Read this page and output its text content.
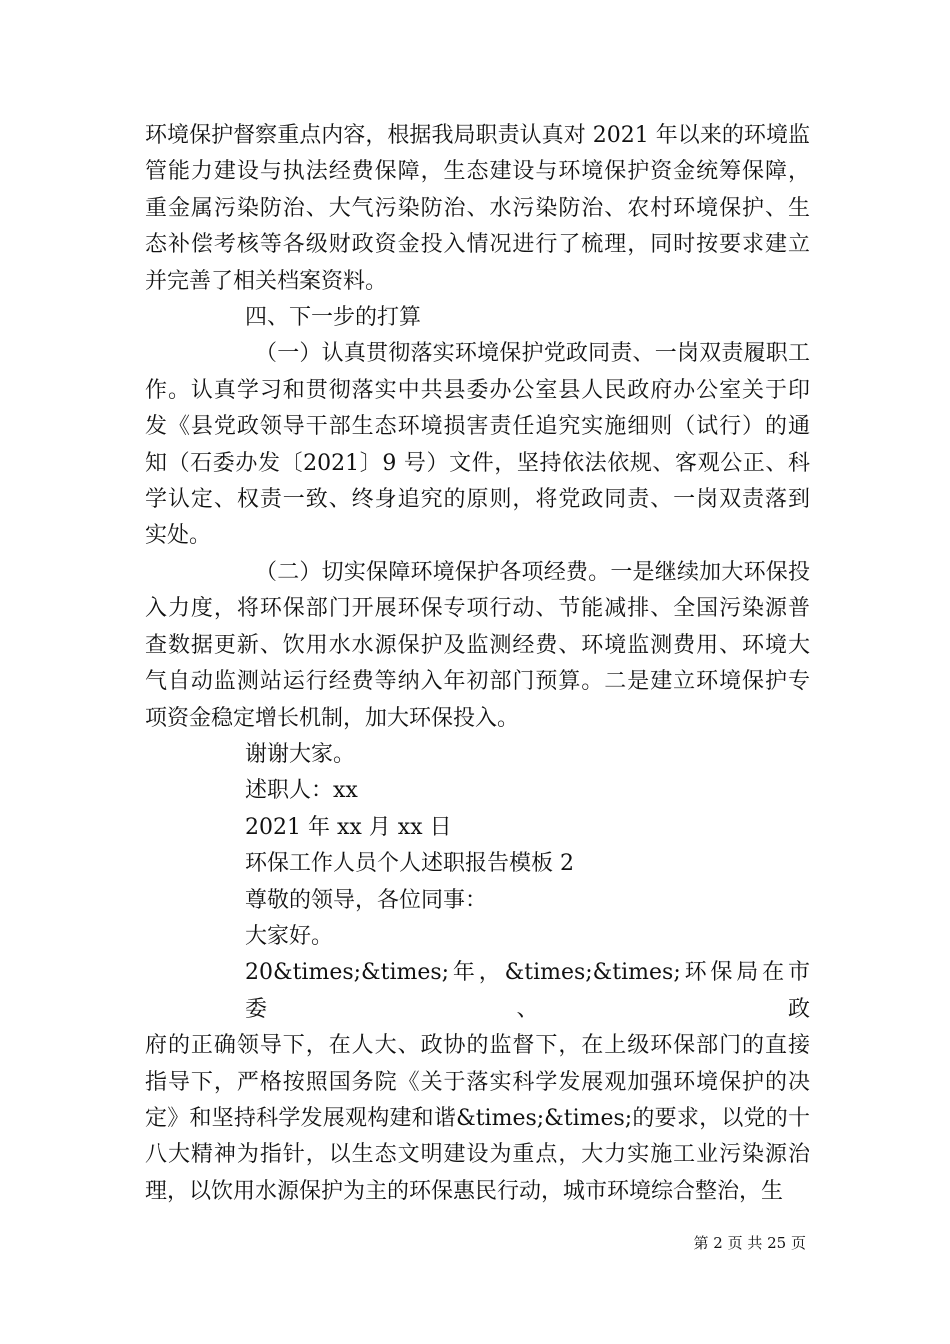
环境保护督察重点内容，根据我局职责认真对 2021 年以来的环境监
管能力建设与执法经费保障，生态建设与环境保护资金统筹保障，
重金属污染防治、大气污染防治、水污染防治、农村环境保护、生
态补偿考核等各级财政资金投入情况进行了梳理，同时按要求建立
并完善了相关档案资料。
四、下一步的打算
（一）认真贯彻落实环境保护党政同责、一岗双责履职工
作。认真学习和贯彻落实中共县委办公室县人民政府办公室关于印
发《县党政领导干部生态环境损害责任追究实施细则（试行）的通
知（石委办发〔2021〕9 号）文件，坚持依法依规、客观公正、科
学认定、权责一致、终身追究的原则，将党政同责、一岗双责落到
实处。
（二）切实保障环境保护各项经费。一是继续加大环保投
入力度，将环保部门开展环保专项行动、节能减排、全国污染源普
查数据更新、饮用水水源保护及监测经费、环境监测费用、环境大
气自动监测站运行经费等纳入年初部门预算。二是建立环境保护专
项资金稳定增长机制，加大环保投入。
谢谢大家。
述职人：xx
2021 年 xx 月 xx 日
环保工作人员个人述职报告模板 2
尊敬的领导，各位同事：
大家好。
20&times;&times;年，&times;&times;环保局在市委、政
府的正确领导下，在人大、政协的监督下，在上级环保部门的直接
指导下，严格按照国务院《关于落实科学发展观加强环境保护的决
定》和坚持科学发展观构建和谐&times;&times;的要求，以党的十
八大精神为指针，以生态文明建设为重点，大力实施工业污染源治
理，以饮用水源保护为主的环保惠民行动，城市环境综合整治，生
第 2 页 共 25 页
